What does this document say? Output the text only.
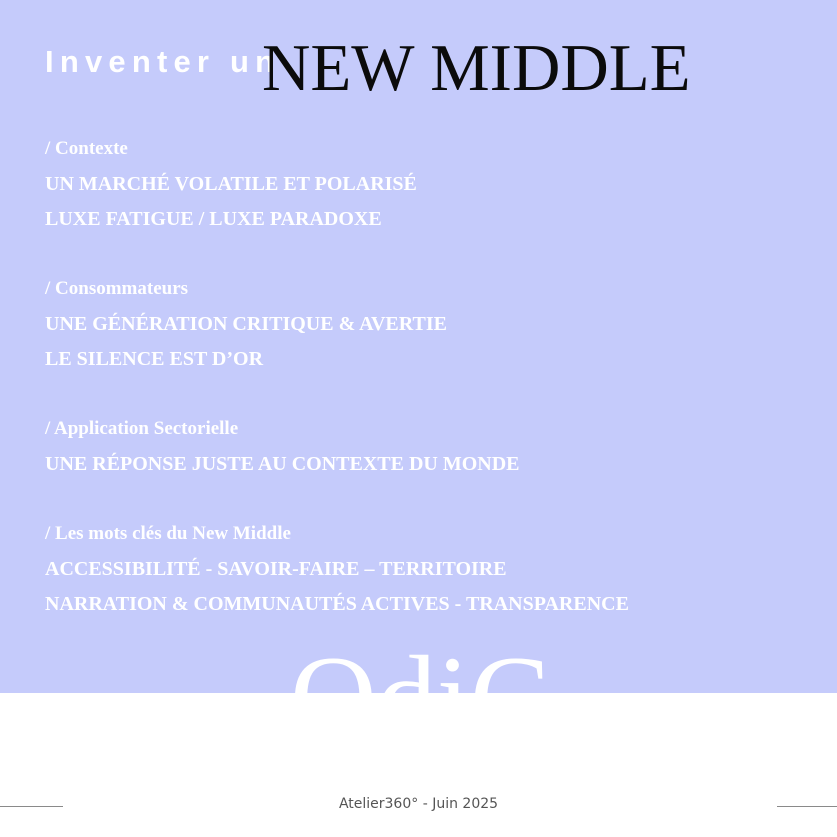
Inventer un
NEW MIDDLE
/ Contexte
UN MARCHÉ VOLATILE ET POLARISÉ
LUXE FATIGUE / LUXE PARADOXE
/ Consommateurs
UNE GÉNÉRATION CRITIQUE & AVERTIE
LE SILENCE EST D’OR
/ Application Sectorielle
UNE RÉPONSE JUSTE AU CONTEXTE DU MONDE
/ Les mots clés du New Middle
ACCESSIBILITÉ - SAVOIR-FAIRE – TERRITOIRE
NARRATION & COMMUNAUTÉS ACTIVES - TRANSPARENCE
OdiC
Atelier360° - Juin 2025
